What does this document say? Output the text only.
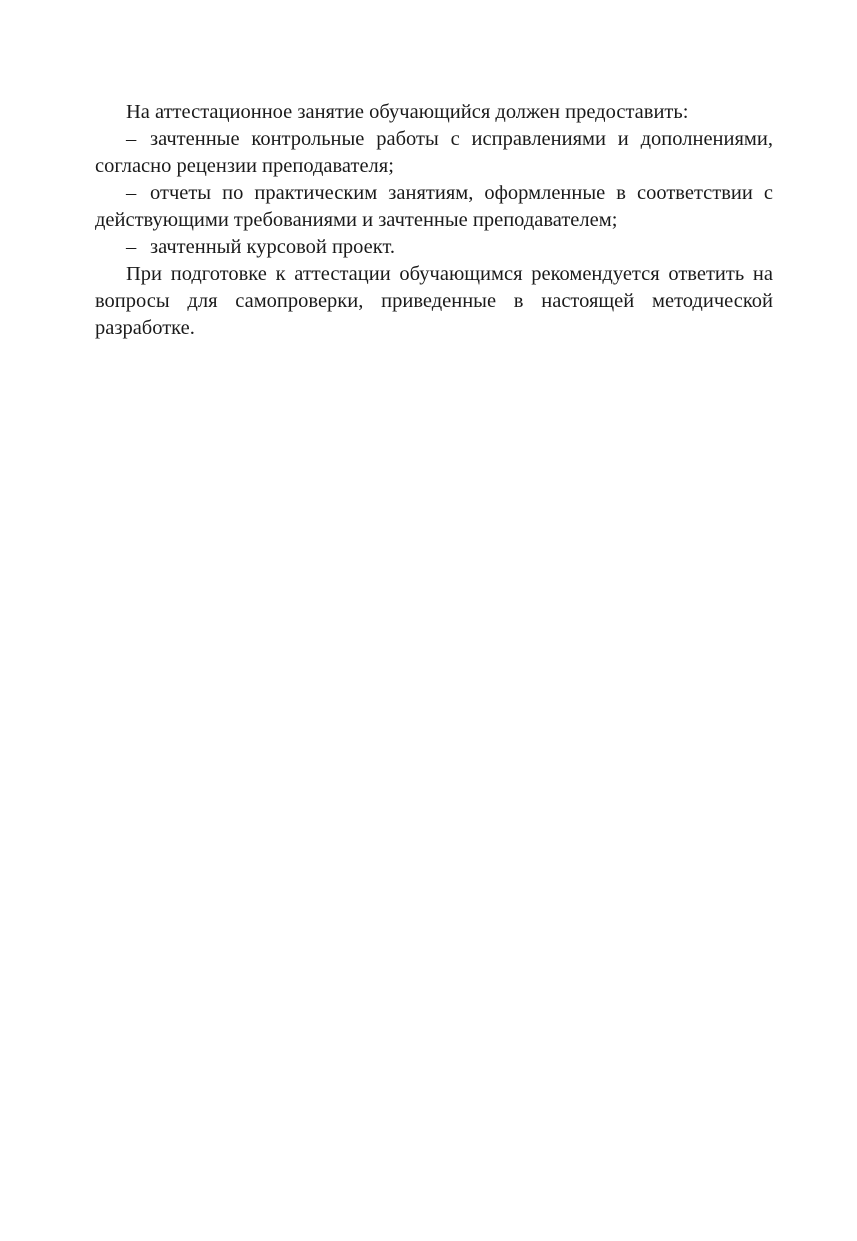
На аттестационное занятие обучающийся должен предоставить:

– зачтенные контрольные работы с исправлениями и дополнениями, согласно рецензии преподавателя;

– отчеты по практическим занятиям, оформленные в соответствии с действующими требованиями и зачтенные преподавателем;

– зачтенный курсовой проект.

При подготовке к аттестации обучающимся рекомендуется ответить на вопросы для самопроверки, приведенные в настоящей методической разработке.
